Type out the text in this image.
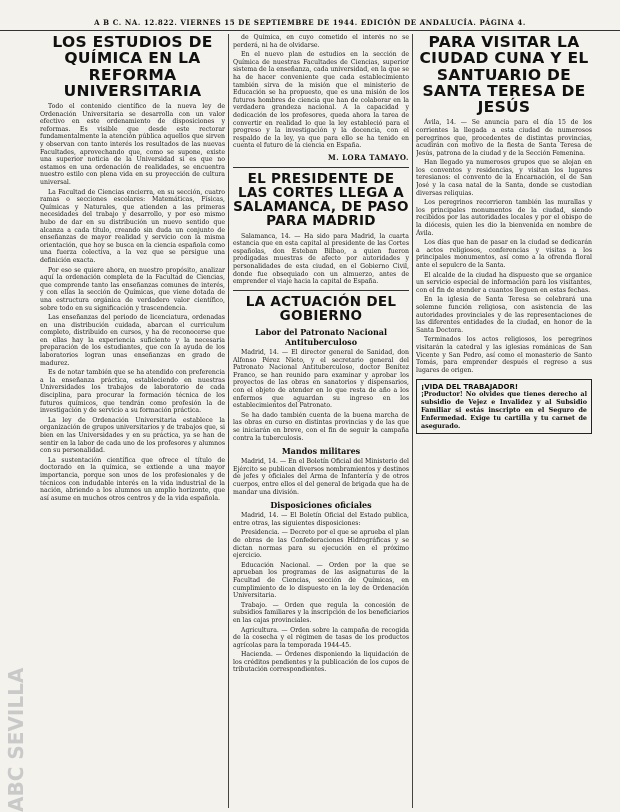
A B C. NA. 12.822. VIERNES 15 DE SEPTIEMBRE DE 1944. EDICIÓN DE ANDALUCÍA. PÁGINA 4.
LOS ESTUDIOS DE QUÍMICA EN LA REFORMA UNIVERSITARIA

Todo el contenido científico de la nueva ley de Ordenación Universitaria se desarrolla con un valor efectivo en este ordenamiento de disposiciones y reformas. Es visible que desde este rectorar fundamentalmente la atención pública aquellos que sirven y observan con tanto interés los resultados de las nuevas Facultades, aprovechando que, como se supone, existe una superior noticia de la Universidad si es que no estamos en una ordenación de realidades, se encuentra nuestro estilo con plena vida en su proyección de cultura universal.

La Facultad de Ciencias encierra, en su sección, cuatro ramas o secciones escolares: Matemáticas, Físicas, Químicas y Naturales, que atienden a las primeras necesidades del trabajo y desarrollo, y por eso mismo hubo de dar en su distribución un nuevo sentido que alcanza a cada título, creando sin duda un conjunto de enseñanzas de mayor realidad y servicio con la misma orientación, que hoy se busca en la ciencia española como una fuerza colectiva, a la vez que se persigue una definición exacta.

Por eso se quiere ahora, en nuestro propósito, analizar aquí la ordenación completa de la Facultad de Ciencias, que comprende tanto las enseñanzas comunes de interés, y con ellas la sección de Químicas, que viene dotada de una estructura orgánica de verdadero valor científico, sobre todo en su significación y trascendencia.

Las enseñanzas del periodo de licenciatura, ordenadas en una distribución cuidada, abarcan el curriculum completo, distribuido en cursos, y ha de reconocerse que en ellas hay la experiencia suficiente y la necesaria preparación de los estudiantes, que con la ayuda de los laboratorios logran unas enseñanzas en grado de madurez.

Es de notar también que se ha atendido con preferencia a la enseñanza práctica, estableciendo en nuestras Universidades los trabajos de laboratorio de cada disciplina, para procurar la formación técnica de los futuros químicos, que tendrán como profesión la de investigación y de servicio a su formación práctica.

La ley de Ordenación Universitaria establece la organización de grupos universitarios y de trabajos que, si bien en las Universidades y en su práctica, ya se han de sentir en la labor de cada uno de los profesores y alumnos con su personalidad.

La sustentación científica que ofrece el título de doctorado en la química, se extiende a una mayor importancia, porque son unos de los profesionales y de técnicos con indudable interés en la vida industrial de la nación, abriendo a los alumnos un amplio horizonte, que así asume en muchos otros centros y de la vida española.

de Química, en cuyo cometido el interés no se perderá, ni ha de olvidarse.

En el nuevo plan de estudios en la sección de Química de nuestras Facultades de Ciencias, superior sistema de la enseñanza, cada universidad, en la que se ha de hacer conveniente que cada establecimiento también sirva de la misión que el ministerio de Educación se ha propuesto, que es una misión de los futuros hombres de ciencia que han de colaborar en la verdadera grandeza nacional. A la capacidad y dedicación de los profesores, queda ahora la tarea de convertir en realidad lo que la ley estableció para el progreso y la investigación y la docencia, con el respaldo de la ley, ya que para ello se ha tenido en cuenta el futuro de la ciencia en España.

M. LORA TAMAYO.
EL PRESIDENTE DE LAS CORTES LLEGA A SALAMANCA, DE PASO PARA MADRID

Salamanca, 14. — Ha sido para Madrid, la cuarta estancia que en esta capital al presidente de las Cortes españolas, don Esteban Bilbao, a quien fueron prodigadas muestras de afecto por autoridades y personalidades de esta ciudad, en el Gobierno Civil, donde fue obsequiado con un almuerzo, antes de emprender el viaje hacia la capital de España.

LA ACTUACIÓN DEL GOBIERNO
Labor del Patronato Nacional Antituberculoso

Madrid, 14. — El director general de Sanidad, don Alfonso Pérez Nieto, y el secretario general del Patronato Nacional Antituberculoso, doctor Benítez Franco, se han reunido para examinar y aprobar los proyectos de las obras en sanatorios y dispensarios, con el objeto de atender en lo que resta de año a los enfermos que aguardan su ingreso en los establecimientos del Patronato.

Se ha dado también cuenta de la buena marcha de las obras en curso en distintas provincias y de las que se iniciarán en breve, con el fin de seguir la campaña contra la tuberculosis.

Mandos militares

Madrid, 14. — En el Boletín Oficial del Ministerio del Ejército se publican diversos nombramientos y destinos de jefes y oficiales del Arma de Infantería y de otros cuerpos, entre ellos el del general de brigada que ha de mandar una división.

Disposiciones oficiales

Madrid, 14. — El Boletín Oficial del Estado publica, entre otras, las siguientes disposiciones:

Presidencia. — Decreto por el que se aprueba el plan de obras de las Confederaciones Hidrográficas y se dictan normas para su ejecución en el próximo ejercicio.

Educación Nacional. — Orden por la que se aprueban los programas de las asignaturas de la Facultad de Ciencias, sección de Químicas, en cumplimiento de lo dispuesto en la ley de Ordenación Universitaria.

Trabajo. — Orden que regula la concesión de subsidios familiares y la inscripción de los beneficiarios en las cajas provinciales.

Agricultura. — Orden sobre la campaña de recogida de la cosecha y el régimen de tasas de los productos agrícolas para la temporada 1944-45.

Hacienda. — Órdenes disponiendo la liquidación de los créditos pendientes y la publicación de los cupos de tributación correspondientes.

PARA VISITAR LA CIUDAD CUNA Y EL SANTUARIO DE SANTA TERESA DE JESÚS

Ávila, 14. — Se anuncia para el día 15 de los corrientes la llegada a esta ciudad de numerosos peregrinos que, procedentes de distintas provincias, acudirán con motivo de la fiesta de Santa Teresa de Jesús, patrona de la ciudad y de la Sección Femenina.

Han llegado ya numerosos grupos que se alojan en los conventos y residencias, y visitan los lugares teresianos: el convento de la Encarnación, el de San José y la casa natal de la Santa, donde se custodian diversas reliquias.

Los peregrinos recorrieron también las murallas y los principales monumentos de la ciudad, siendo recibidos por las autoridades locales y por el obispo de la diócesis, quien les dio la bienvenida en nombre de Ávila.

Los días que han de pasar en la ciudad se dedicarán a actos religiosos, conferencias y visitas a los principales monumentos, así como a la ofrenda floral ante el sepulcro de la Santa.

El alcalde de la ciudad ha dispuesto que se organice un servicio especial de información para los visitantes, con el fin de atender a cuantos lleguen en estas fechas.

En la iglesia de Santa Teresa se celebrará una solemne función religiosa, con asistencia de las autoridades provinciales y de las representaciones de las diferentes entidades de la ciudad, en honor de la Santa Doctora.

Terminados los actos religiosos, los peregrinos visitarán la catedral y las iglesias románicas de San Vicente y San Pedro, así como el monasterio de Santo Tomás, para emprender después el regreso a sus lugares de origen.

¡VIDA DEL TRABAJADOR!
¡Productor! No olvides que tienes derecho al subsidio de Vejez e Invalidez y al Subsidio Familiar si estás inscripto en el Seguro de Enfermedad. Exige tu cartilla y tu carnet de asegurado.
ABC SEVILLA
